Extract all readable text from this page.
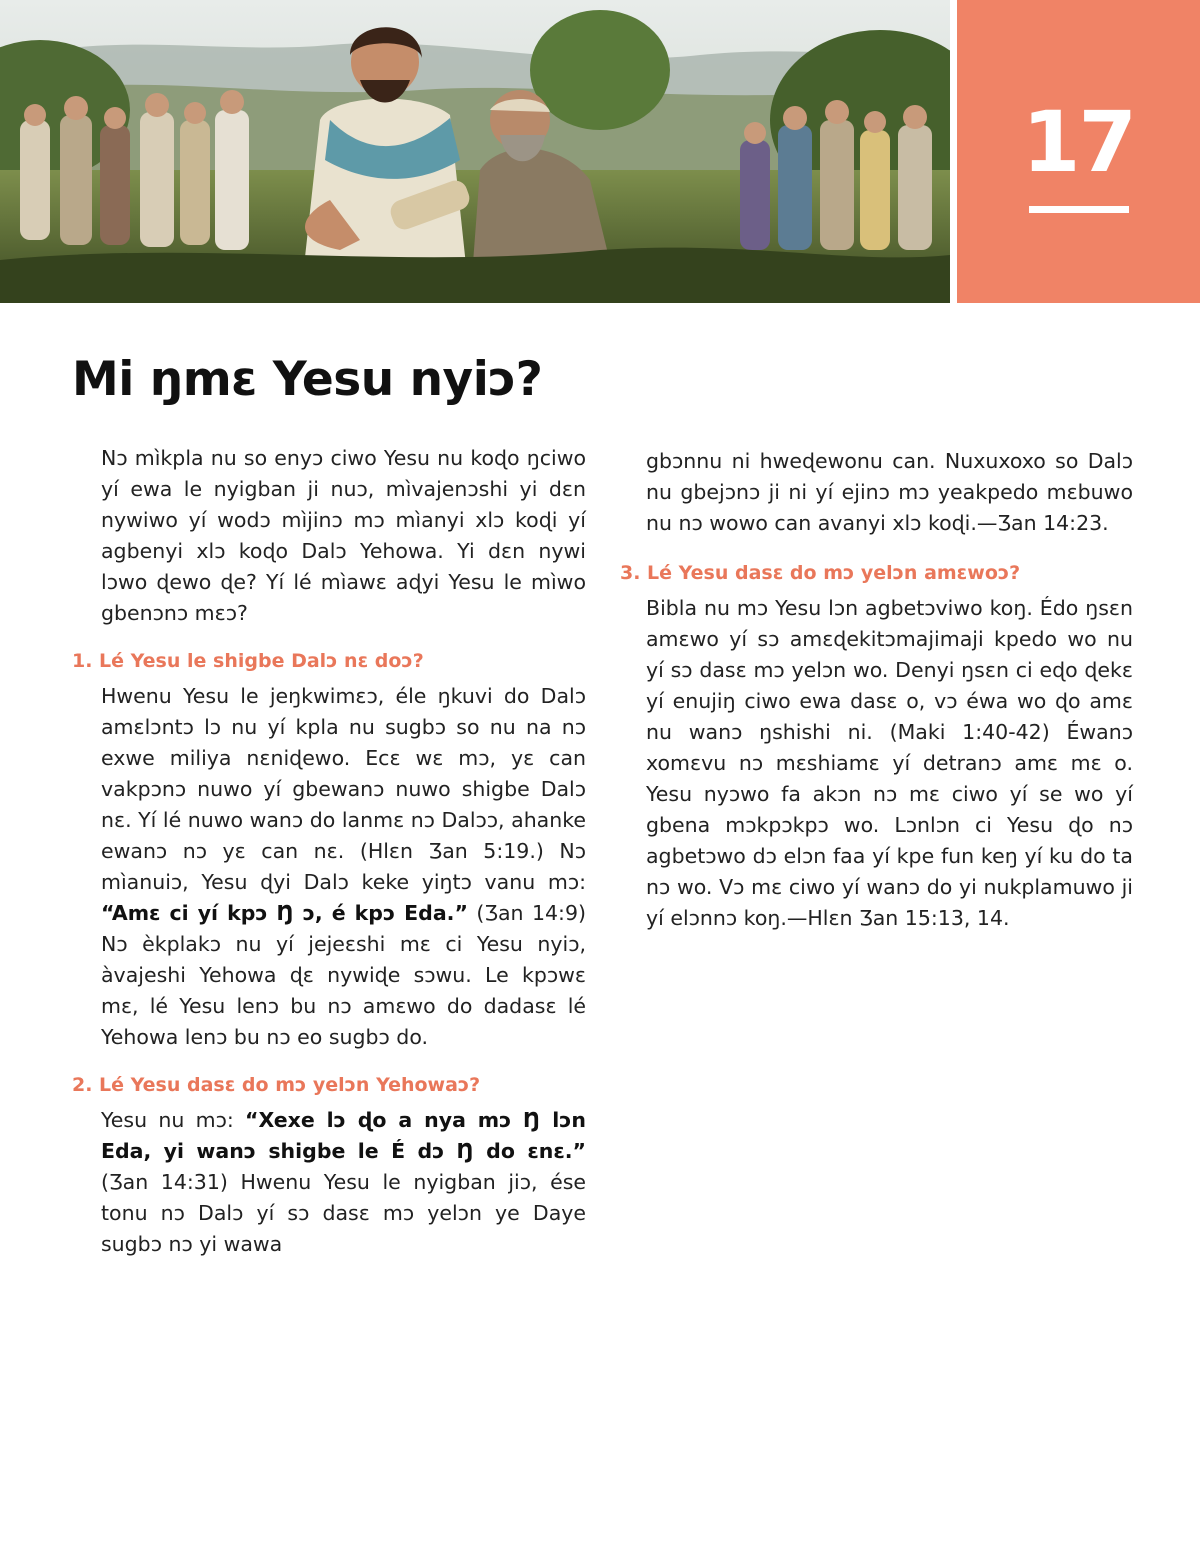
17
Mi ŋmɛ Yesu nyiɔ?

Nɔ mìkpla nu so enyɔ ciwo Yesu nu koɖo ŋciwo yí ewa le nyigban ji nuɔ, mìvajenɔshi yi dɛn nywiwo yí wodɔ mìjinɔ mɔ mìanyi xlɔ koɖi yí agbenyi xlɔ koɖo Dalɔ Yehowa. Yi dɛn nywi lɔwo ɖewo ɖe? Yí lé mìawɛ aɖyi Yesu le mìwo gbenɔnɔ mɛɔ?

1. Lé Yesu le shigbe Dalɔ nɛ doɔ?

Hwenu Yesu le jeŋkwimɛɔ, éle ŋkuvi do Dalɔ amɛlɔntɔ lɔ nu yí kpla nu sugbɔ so nu na nɔ exwe miliya nɛniɖewo. Ecɛ wɛ mɔ, yɛ can vakpɔnɔ nuwo yí gbewanɔ nuwo shigbe Dalɔ nɛ. Yí lé nuwo wanɔ do lanmɛ nɔ Dalɔɔ, ahanke ewanɔ nɔ yɛ can nɛ. (Hlɛn Ʒan 5:19.) Nɔ mìanuiɔ, Yesu ɖyi Dalɔ keke yiŋtɔ vanu mɔ: “Amɛ ci yí kpɔ Ŋ ɔ, é kpɔ Eda.” (Ʒan 14:9) Nɔ èkplakɔ nu yí jejeɛshi mɛ ci Yesu nyiɔ, àvajeshi Yehowa ɖɛ nywiɖe sɔwu. Le kpɔwɛ mɛ, lé Yesu lenɔ bu nɔ amɛwo do dadasɛ lé Yehowa lenɔ bu nɔ eo sugbɔ do.

2. Lé Yesu dasɛ do mɔ yelɔn Yehowaɔ?

Yesu nu mɔ: “Xexe lɔ ɖo a nya mɔ Ŋ lɔn Eda, yi wanɔ shigbe le É dɔ Ŋ do ɛnɛ.” (Ʒan 14:31) Hwenu Yesu le nyigban jiɔ, ése tonu nɔ Dalɔ yí sɔ dasɛ mɔ yelɔn ye Daye sugbɔ nɔ yi wawa

gbɔnnu ni hweɖewonu can. Nuxuxoxo so Dalɔ nu gbejɔnɔ ji ni yí ejinɔ mɔ yeakpedo mɛbuwo nu nɔ wowo can avanyi xlɔ koɖi.—Ʒan 14:23.

3. Lé Yesu dasɛ do mɔ yelɔn amɛwoɔ?

Bibla nu mɔ Yesu lɔn agbetɔviwo koŋ. Édo ŋsɛn amɛwo yí sɔ amɛɖekitɔmajimaji kpedo wo nu yí sɔ dasɛ mɔ yelɔn wo. Denyi ŋsɛn ci eɖo ɖekɛ yí enujiŋ ciwo ewa dasɛ o, vɔ éwa wo ɖo amɛ nu wanɔ ŋshishi ni. (Maki 1:40-42) Éwanɔ xomɛvu nɔ mɛshiamɛ yí detranɔ amɛ mɛ o. Yesu nyɔwo fa akɔn nɔ mɛ ciwo yí se wo yí gbena mɔkpɔkpɔ wo. Lɔnlɔn ci Yesu ɖo nɔ agbetɔwo dɔ elɔn faa yí kpe fun keŋ yí ku do ta nɔ wo. Vɔ mɛ ciwo yí wanɔ do yi nukplamuwo ji yí elɔnnɔ koŋ.—Hlɛn Ʒan 15:13, 14.
